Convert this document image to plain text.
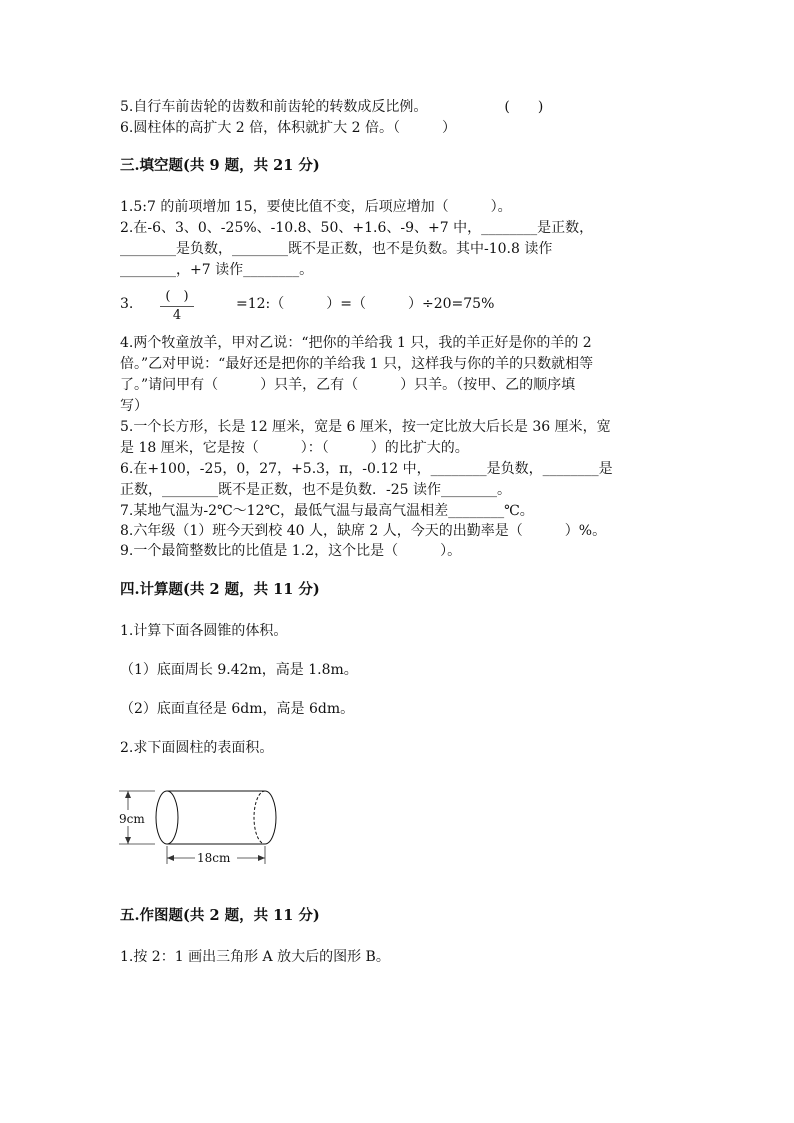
5.自行车前齿轮的齿数和前齿轮的转数成反比例。　　　　　　(　　)
6.圆柱体的高扩大 2 倍，体积就扩大 2 倍。（　　　）
三.填空题(共 9 题，共 21 分)
1.5:7 的前项增加 15，要使比值不变，后项应增加（　　　）。
2.在-6、3、0、-25%、-10.8、50、+1.6、-9、+7 中，________是正数，
________是负数，________既不是正数，也不是负数。其中-10.8 读作
________，+7 读作________。
3.	(　)
4
=12:（　　　）=（　　　）÷20=75%
4.两个牧童放羊，甲对乙说：“把你的羊给我 1 只，我的羊正好是你的羊的 2
倍。”乙对甲说：“最好还是把你的羊给我 1 只，这样我与你的羊的只数就相等
了。”请问甲有（　　　）只羊，乙有（　　　）只羊。（按甲、乙的顺序填
写）
5.一个长方形，长是 12 厘米，宽是 6 厘米，按一定比放大后长是 36 厘米，宽
是 18 厘米，它是按（　　　）：（　　　）的比扩大的。
6.在+100，-25，0，27，+5.3，π，-0.12 中，________是负数，________是
正数，________既不是正数，也不是负数．-25 读作________。
7.某地气温为-2℃～12℃，最低气温与最高气温相差________℃。
8.六年级（1）班今天到校 40 人，缺席 2 人，今天的出勤率是（　　　）%。
9.一个最简整数比的比值是 1.2，这个比是（　　　）。
四.计算题(共 2 题，共 11 分)
1.计算下面各圆锥的体积。
（1）底面周长 9.42m，高是 1.8m。
（2）底面直径是 6dm，高是 6dm。
2.求下面圆柱的表面积。
9cm
18cm
五.作图题(共 2 题，共 11 分)
1.按 2：1 画出三角形 A 放大后的图形 B。
